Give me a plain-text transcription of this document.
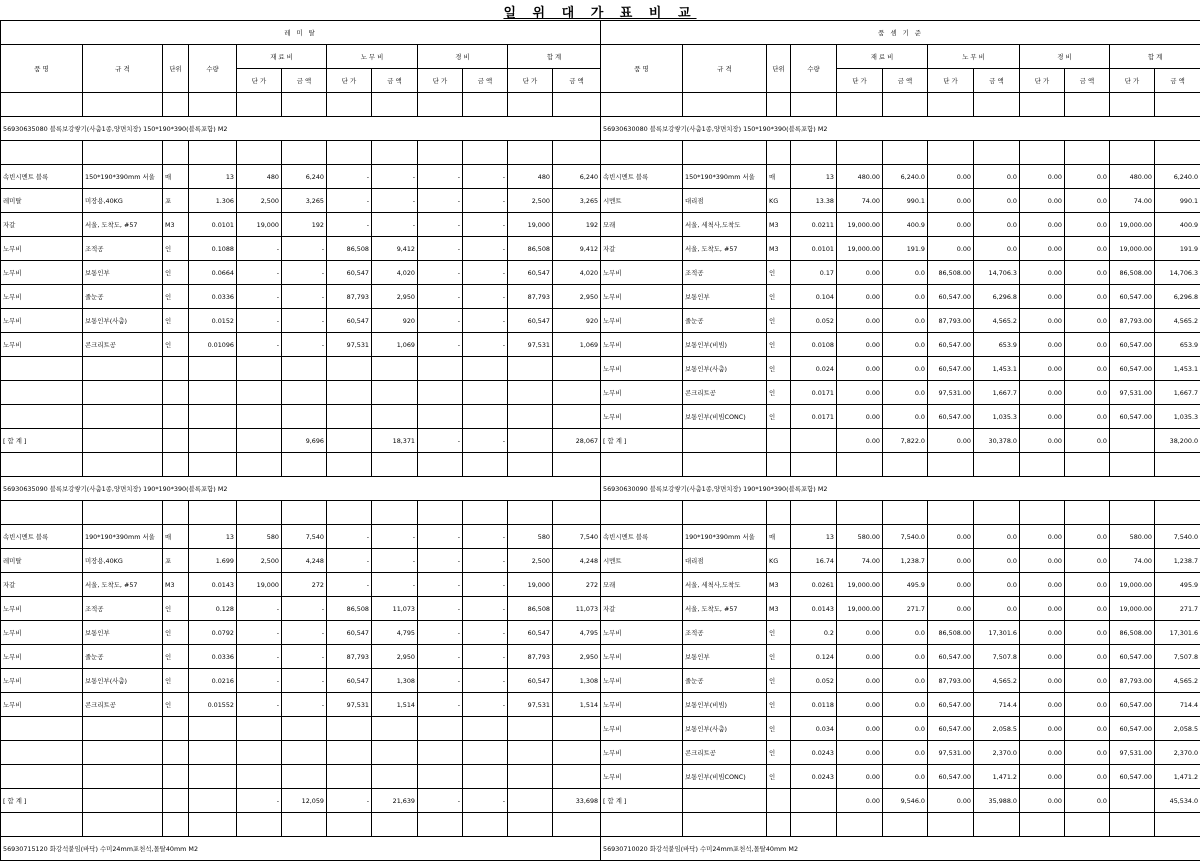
일 위 대 가 표 비 교
레 미 탈											
품 명	규 격	단위	수량	재 료 비		노 무 비		경 비		합 계	
				단 가	금 액	단 가	금 액	단 가	금 액	단 가	금 액

56930635080 블록보강쌓기(사춤1종,양면치장) 150*190*390(블록포함) M2											

속빈시멘트 블록	150*190*390mm 서울	매	13	480	6,240	-	-	-	-	480	6,240
레미탈	미장용,40KG	포	1.306	2,500	3,265	-	-	-	-	2,500	3,265
자갈	서울, 도착도, #57	M3	0.0101	19,000	192	-	-	-	-	19,000	192
노무비	조적공	인	0.1088	-	-	86,508	9,412	-	-	86,508	9,412
노무비	보통인부	인	0.0664	-	-	60,547	4,020	-	-	60,547	4,020
노무비	줄눈공	인	0.0336	-	-	87,793	2,950	-	-	87,793	2,950
노무비	보통인부(사춤)	인	0.0152	-	-	60,547	920	-	-	60,547	920
노무비	콘크리트공	인	0.01096	-	-	97,531	1,069	-	-	97,531	1,069

[ 합 계 ]					9,696		18,371	-	-		28,067

56930635090 블록보강쌓기(사춤1종,양면치장) 190*190*390(블록포함) M2											

속빈시멘트 블록	190*190*390mm 서울	매	13	580	7,540	-	-	-	-	580	7,540
레미탈	미장용,40KG	포	1.699	2,500	4,248	-	-	-	-	2,500	4,248
자갈	서울, 도착도, #57	M3	0.0143	19,000	272	-	-	-	-	19,000	272
노무비	조적공	인	0.128	-	-	86,508	11,073	-	-	86,508	11,073
노무비	보통인부	인	0.0792	-	-	60,547	4,795	-	-	60,547	4,795
노무비	줄눈공	인	0.0336	-	-	87,793	2,950	-	-	87,793	2,950
노무비	보통인부(사춤)	인	0.0216	-	-	60,547	1,308	-	-	60,547	1,308
노무비	콘크리트공	인	0.01552	-	-	97,531	1,514	-	-	97,531	1,514

[ 합 계 ]				-	12,059	-	21,639	-	-		33,698

56930715120 화강석붙임(바닥) 수미24mm포천석,몰탈40mm M2											
품 셈 기 준											
품 명	규 격	단위	수량	재 료 비		노 무 비		경 비		합 계	
				단 가	금 액	단 가	금 액	단 가	금 액	단 가	금 액

56930630080 블록보강쌓기(사춤1종,양면치장) 150*190*390(블록포함) M2											

속빈시멘트 블록	150*190*390mm 서울	매	13	480.00	6,240.0	0.00	0.0	0.00	0.0	480.00	6,240.0
시멘트	대리점	KG	13.38	74.00	990.1	0.00	0.0	0.00	0.0	74.00	990.1
모래	서울, 세척사,도착도	M3	0.0211	19,000.00	400.9	0.00	0.0	0.00	0.0	19,000.00	400.9
자갈	서울, 도착도, #57	M3	0.0101	19,000.00	191.9	0.00	0.0	0.00	0.0	19,000.00	191.9
노무비	조적공	인	0.17	0.00	0.0	86,508.00	14,706.3	0.00	0.0	86,508.00	14,706.3
노무비	보통인부	인	0.104	0.00	0.0	60,547.00	6,296.8	0.00	0.0	60,547.00	6,296.8
노무비	줄눈공	인	0.052	0.00	0.0	87,793.00	4,565.2	0.00	0.0	87,793.00	4,565.2
노무비	보통인부(비빔)	인	0.0108	0.00	0.0	60,547.00	653.9	0.00	0.0	60,547.00	653.9
노무비	보통인부(사춤)	인	0.024	0.00	0.0	60,547.00	1,453.1	0.00	0.0	60,547.00	1,453.1
노무비	콘크리트공	인	0.0171	0.00	0.0	97,531.00	1,667.7	0.00	0.0	97,531.00	1,667.7
노무비	보통인부(비빔CONC)	인	0.0171	0.00	0.0	60,547.00	1,035.3	0.00	0.0	60,547.00	1,035.3
[ 합 계 ]				0.00	7,822.0	0.00	30,378.0	0.00	0.0		38,200.0

56930630090 블록보강쌓기(사춤1종,양면치장) 190*190*390(블록포함) M2											

속빈시멘트 블록	190*190*390mm 서울	매	13	580.00	7,540.0	0.00	0.0	0.00	0.0	580.00	7,540.0
시멘트	대리점	KG	16.74	74.00	1,238.7	0.00	0.0	0.00	0.0	74.00	1,238.7
모래	서울, 세척사,도착도	M3	0.0261	19,000.00	495.9	0.00	0.0	0.00	0.0	19,000.00	495.9
자갈	서울, 도착도, #57	M3	0.0143	19,000.00	271.7	0.00	0.0	0.00	0.0	19,000.00	271.7
노무비	조적공	인	0.2	0.00	0.0	86,508.00	17,301.6	0.00	0.0	86,508.00	17,301.6
노무비	보통인부	인	0.124	0.00	0.0	60,547.00	7,507.8	0.00	0.0	60,547.00	7,507.8
노무비	줄눈공	인	0.052	0.00	0.0	87,793.00	4,565.2	0.00	0.0	87,793.00	4,565.2
노무비	보통인부(비빔)	인	0.0118	0.00	0.0	60,547.00	714.4	0.00	0.0	60,547.00	714.4
노무비	보통인부(사춤)	인	0.034	0.00	0.0	60,547.00	2,058.5	0.00	0.0	60,547.00	2,058.5
노무비	콘크리트공	인	0.0243	0.00	0.0	97,531.00	2,370.0	0.00	0.0	97,531.00	2,370.0
노무비	보통인부(비빔CONC)	인	0.0243	0.00	0.0	60,547.00	1,471.2	0.00	0.0	60,547.00	1,471.2
[ 합 계 ]				0.00	9,546.0	0.00	35,988.0	0.00	0.0		45,534.0

56930710020 화강석붙임(바닥) 수미24mm포천석,몰탈40mm M2											
